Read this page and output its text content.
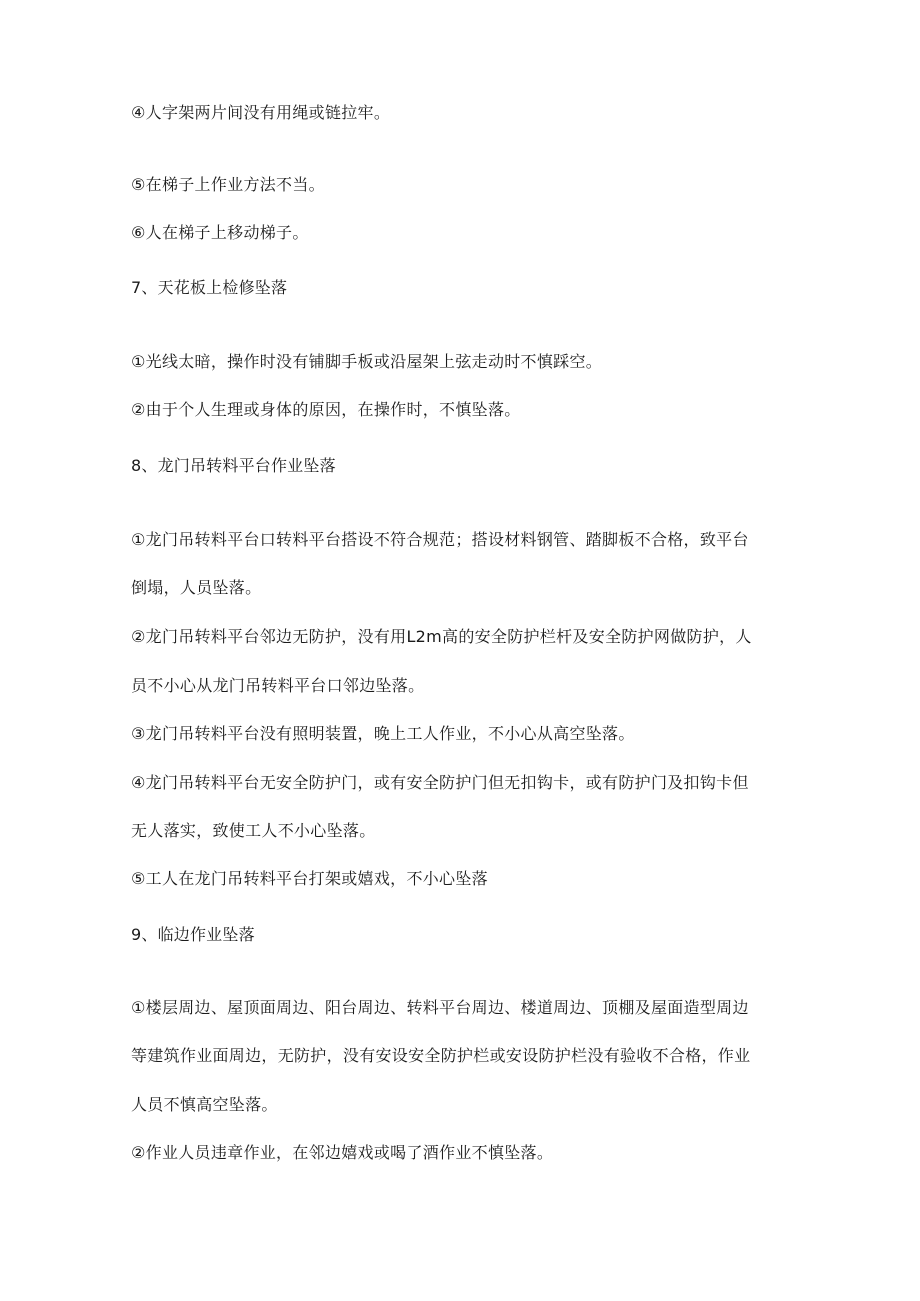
④人字架两片间没有用绳或链拉牢。
⑤在梯子上作业方法不当。
⑥人在梯子上移动梯子。
7、天花板上检修坠落
①光线太暗，操作时没有铺脚手板或沿屋架上弦走动时不慎踩空。
②由于个人生理或身体的原因，在操作时，不慎坠落。
8、龙门吊转料平台作业坠落
①龙门吊转料平台口转料平台搭设不符合规范；搭设材料钢管、踏脚板不合格，致平台
倒塌，人员坠落。
②龙门吊转料平台邻边无防护，没有用L2m高的安全防护栏杆及安全防护网做防护，人
员不小心从龙门吊转料平台口邻边坠落。
③龙门吊转料平台没有照明装置，晚上工人作业，不小心从高空坠落。
④龙门吊转料平台无安全防护门，或有安全防护门但无扣钩卡，或有防护门及扣钩卡但
无人落实，致使工人不小心坠落。
⑤工人在龙门吊转料平台打架或嬉戏，不小心坠落
9、临边作业坠落
①楼层周边、屋顶面周边、阳台周边、转料平台周边、楼道周边、顶棚及屋面造型周边
等建筑作业面周边，无防护，没有安设安全防护栏或安设防护栏没有验收不合格，作业
人员不慎高空坠落。
②作业人员违章作业，在邻边嬉戏或喝了酒作业不慎坠落。
